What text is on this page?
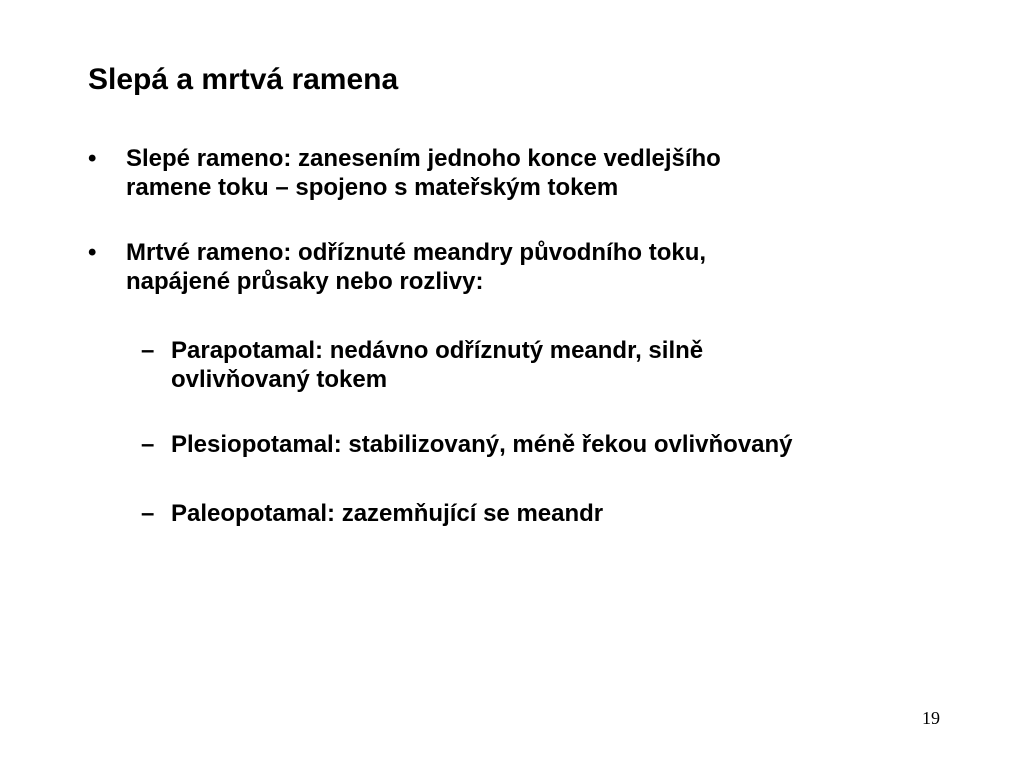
Slepá a mrtvá ramena
• Slepé rameno: zanesením jednoho konce vedlejšího
ramene toku – spojeno s mateřským tokem
• Mrtvé rameno: odříznuté meandry původního toku,
napájené průsaky nebo rozlivy:
– Parapotamal: nedávno odříznutý meandr, silně
ovlivňovaný tokem
– Plesiopotamal: stabilizovaný, méně řekou ovlivňovaný
– Paleopotamal: zazemňující se meandr
19
